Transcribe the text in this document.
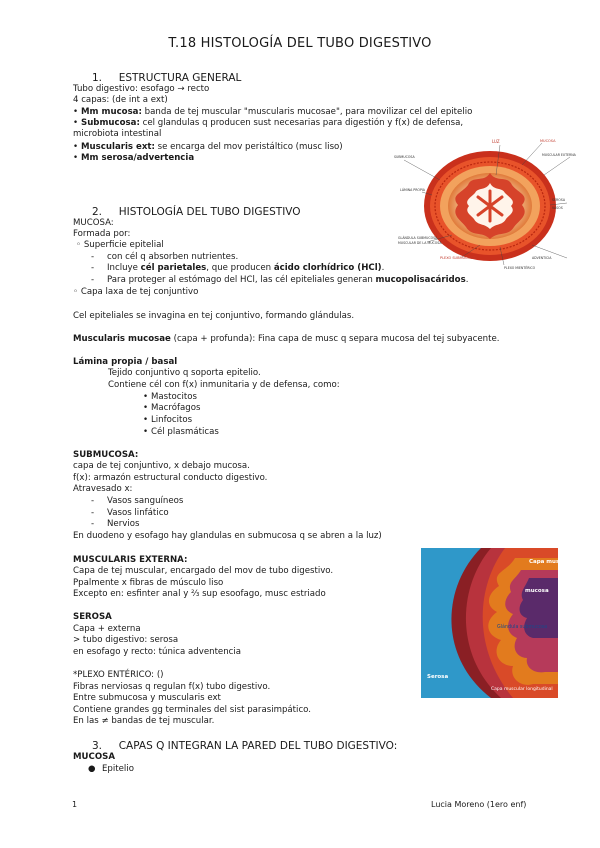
T.18 HISTOLOGÍA DEL TUBO DIGESTIVO
1.     ESTRUCTURA GENERAL
Tubo digestivo: esofago → recto
4 capas: (de int a ext)
• Mm mucosa: banda de tej muscular "muscularis mucosae", para movilizar cel del epitelio
• Submucosa: cel glandulas q producen sust necesarias para digestión y f(x) de defensa,
microbiota intestinal
• Muscularis ext: se encarga del mov peristáltico (musc liso)
• Mm serosa/advertencia
LUZ	MUCOSA
SUBMUCOSA	MUSCULAR EXTERNA
SEROSA
LÁMINA PROPIA
VASOS
GLÁNDULA SUBMUCOSA
MUSCULAR DE LA MUCOSA
PLEXO SUBMUCOSO
PLEXO MIENTÉRICO
ADVENTICIA
2.     HISTOLOGÍA DEL TUBO DIGESTIVO
MUCOSA:
Formada por:
◦ Superficie epitelial
- con cél q absorben nutrientes.
- Incluye cél parietales, que producen ácido clorhídrico (HCl).
- Para proteger al estómago del HCl, las cél epiteliales generan mucopolisacáridos.
◦ Capa laxa de tej conjuntivo
Cel epiteliales se invagina en tej conjuntivo, formando glándulas.
Muscularis mucosae (capa + profunda): Fina capa de musc q separa mucosa del tej subyacente.
Lámina propia / basal
Tejido conjuntivo q soporta epitelio.
Contiene cél con f(x) inmunitaria y de defensa, como:
• Mastocitos
• Macrófagos
• Linfocitos
• Cél plasmáticas
SUBMUCOSA:
capa de tej conjuntivo, x debajo mucosa.
f(x): armazón estructural conducto digestivo.
Atravesado x:
- Vasos sanguíneos
- Vasos linfático
- Nervios
En duodeno y esofago hay glandulas en submucosa q se abren a la luz)
MUSCULARIS EXTERNA:
Capa de tej muscular, encargado del mov de tubo digestivo.
Ppalmente x fibras de músculo liso
Excepto en: esfinter anal y ⅔ sup esoofago, musc estriado
SEROSA
Capa + externa
> tubo digestivo: serosa
en esofago y recto: túnica adventencia
*PLEXO ENTÉRICO: ()
Fibras nerviosas q regulan f(x) tubo digestivo.
Entre submucosa y muscularis ext
Contiene grandes gg terminales del sist parasimpático.
En las ≠ bandas de tej muscular.
Capa muscular
mucosa
Glándula submucosa
Serosa
Capa muscular longitudinal
3.     CAPAS Q INTEGRAN LA PARED DEL TUBO DIGESTIVO:
MUCOSA
● Epitelio
1	Lucia Moreno (1ero enf)
